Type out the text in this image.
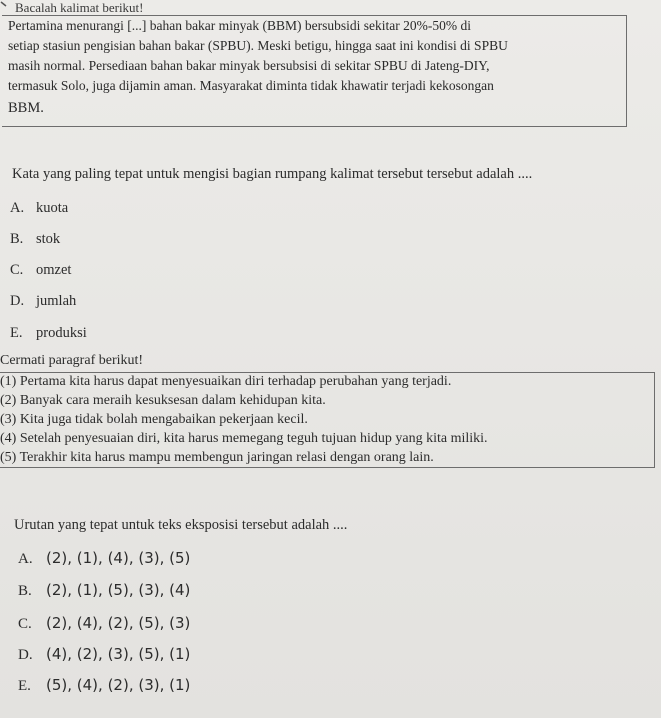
Bacalah kalimat berikut!
Pertamina menurangi [...] bahan bakar minyak (BBM) bersubsidi sekitar 20%-50% di
setiap stasiun pengisian bahan bakar (SPBU). Meski betigu, hingga saat ini kondisi di SPBU
masih normal. Persediaan bahan bakar minyak bersubsisi di sekitar SPBU di Jateng-DIY,
termasuk Solo, juga dijamin aman. Masyarakat diminta tidak khawatir terjadi kekosongan
BBM.
Kata yang paling tepat untuk mengisi bagian rumpang kalimat tersebut tersebut adalah ....
A. kuota
B. stok
C. omzet
D. jumlah
E. produksi
Cermati paragraf berikut!
(1) Pertama kita harus dapat menyesuaikan diri terhadap perubahan yang terjadi.
(2) Banyak cara meraih kesuksesan dalam kehidupan kita.
(3) Kita juga tidak bolah mengabaikan pekerjaan kecil.
(4) Setelah penyesuaian diri, kita harus memegang teguh tujuan hidup yang kita miliki.
(5) Terakhir kita harus mampu membengun jaringan relasi dengan orang lain.
Urutan yang tepat untuk teks eksposisi tersebut adalah ....
A. (2), (1), (4), (3), (5)
B. (2), (1), (5), (3), (4)
C. (2), (4), (2), (5), (3)
D. (4), (2), (3), (5), (1)
E. (5), (4), (2), (3), (1)
